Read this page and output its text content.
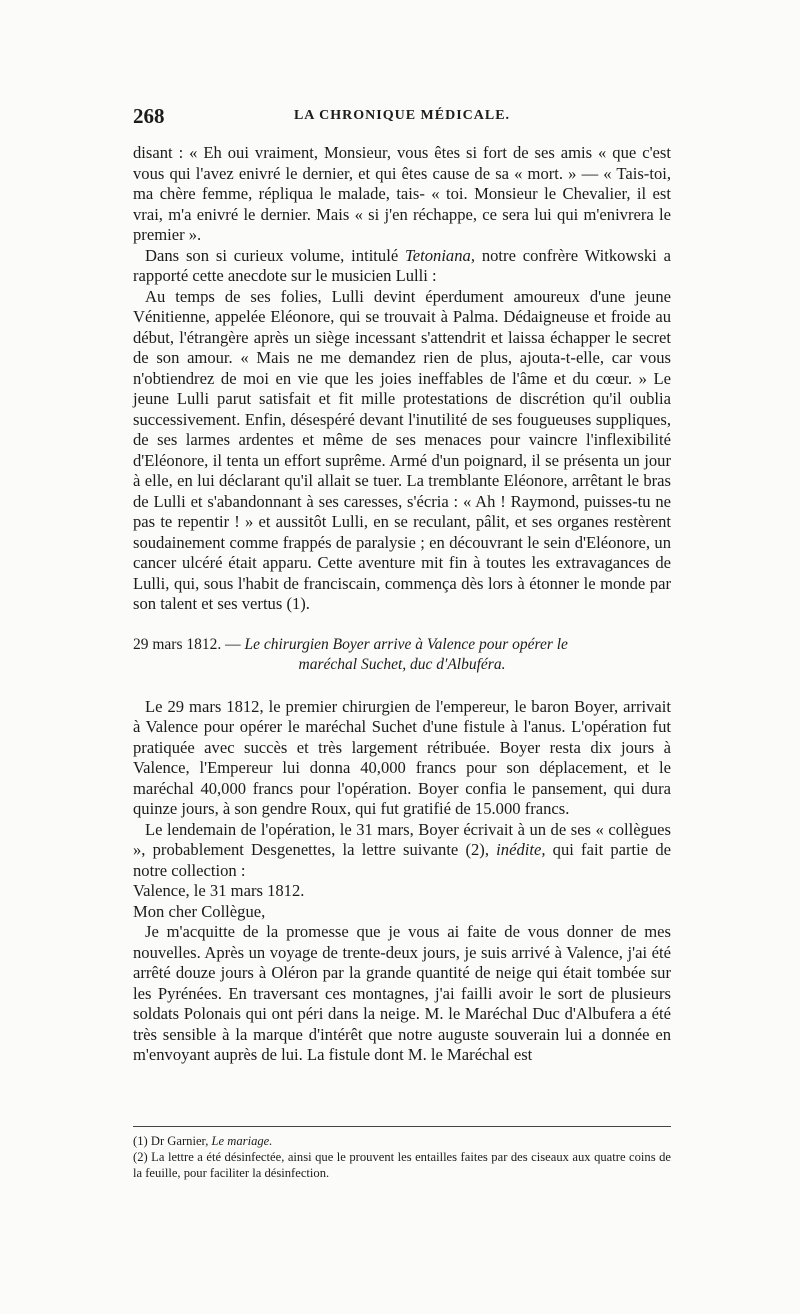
268	LA CHRONIQUE MÉDICALE.

disant : « Eh oui vraiment, Monsieur, vous êtes si fort de ses amis « que c'est vous qui l'avez enivré le dernier, et qui êtes cause de sa « mort. » — « Tais-toi, ma chère femme, répliqua le malade, tais- « toi. Monsieur le Chevalier, il est vrai, m'a enivré le dernier. Mais « si j'en réchappe, ce sera lui qui m'enivrera le premier ».

Dans son si curieux volume, intitulé Tetoniana, notre confrère Witkowski a rapporté cette anecdote sur le musicien Lulli :

Au temps de ses folies, Lulli devint éperdument amoureux d'une jeune Vénitienne, appelée Eléonore, qui se trouvait à Palma. Dédaigneuse et froide au début, l'étrangère après un siège incessant s'attendrit et laissa échapper le secret de son amour. « Mais ne me demandez rien de plus, ajouta-t-elle, car vous n'obtiendrez de moi en vie que les joies ineffables de l'âme et du cœur. » Le jeune Lulli parut satisfait et fit mille protestations de discrétion qu'il oublia successivement. Enfin, désespéré devant l'inutilité de ses fougueuses suppliques, de ses larmes ardentes et même de ses menaces pour vaincre l'inflexibilité d'Eléonore, il tenta un effort suprême. Armé d'un poignard, il se présenta un jour à elle, en lui déclarant qu'il allait se tuer. La tremblante Eléonore, arrêtant le bras de Lulli et s'abandonnant à ses caresses, s'écria : « Ah ! Raymond, puisses-tu ne pas te repentir ! » et aussitôt Lulli, en se reculant, pâlit, et ses organes restèrent soudainement comme frappés de paralysie ; en découvrant le sein d'Eléonore, un cancer ulcéré était apparu. Cette aventure mit fin à toutes les extravagances de Lulli, qui, sous l'habit de franciscain, commença dès lors à étonner le monde par son talent et ses vertus (1).

29 mars 1812. — Le chirurgien Boyer arrive à Valence pour opérer le
maréchal Suchet, duc d'Albuféra.

Le 29 mars 1812, le premier chirurgien de l'empereur, le baron Boyer, arrivait à Valence pour opérer le maréchal Suchet d'une fistule à l'anus. L'opération fut pratiquée avec succès et très largement rétribuée. Boyer resta dix jours à Valence, l'Empereur lui donna 40,000 francs pour son déplacement, et le maréchal 40,000 francs pour l'opération. Boyer confia le pansement, qui dura quinze jours, à son gendre Roux, qui fut gratifié de 15.000 francs.

Le lendemain de l'opération, le 31 mars, Boyer écrivait à un de ses « collègues », probablement Desgenettes, la lettre suivante (2), inédite, qui fait partie de notre collection :

Valence, le 31 mars 1812.

Mon cher Collègue,

Je m'acquitte de la promesse que je vous ai faite de vous donner de mes nouvelles. Après un voyage de trente-deux jours, je suis arrivé à Valence, j'ai été arrêté douze jours à Oléron par la grande quantité de neige qui était tombée sur les Pyrénées. En traversant ces montagnes, j'ai failli avoir le sort de plusieurs soldats Polonais qui ont péri dans la neige. M. le Maréchal Duc d'Albufera a été très sensible à la marque d'intérêt que notre auguste souverain lui a donnée en m'envoyant auprès de lui. La fistule dont M. le Maréchal est

(1) Dr Garnier, Le mariage.

(2) La lettre a été désinfectée, ainsi que le prouvent les entailles faites par des ciseaux aux quatre coins de la feuille, pour faciliter la désinfection.
